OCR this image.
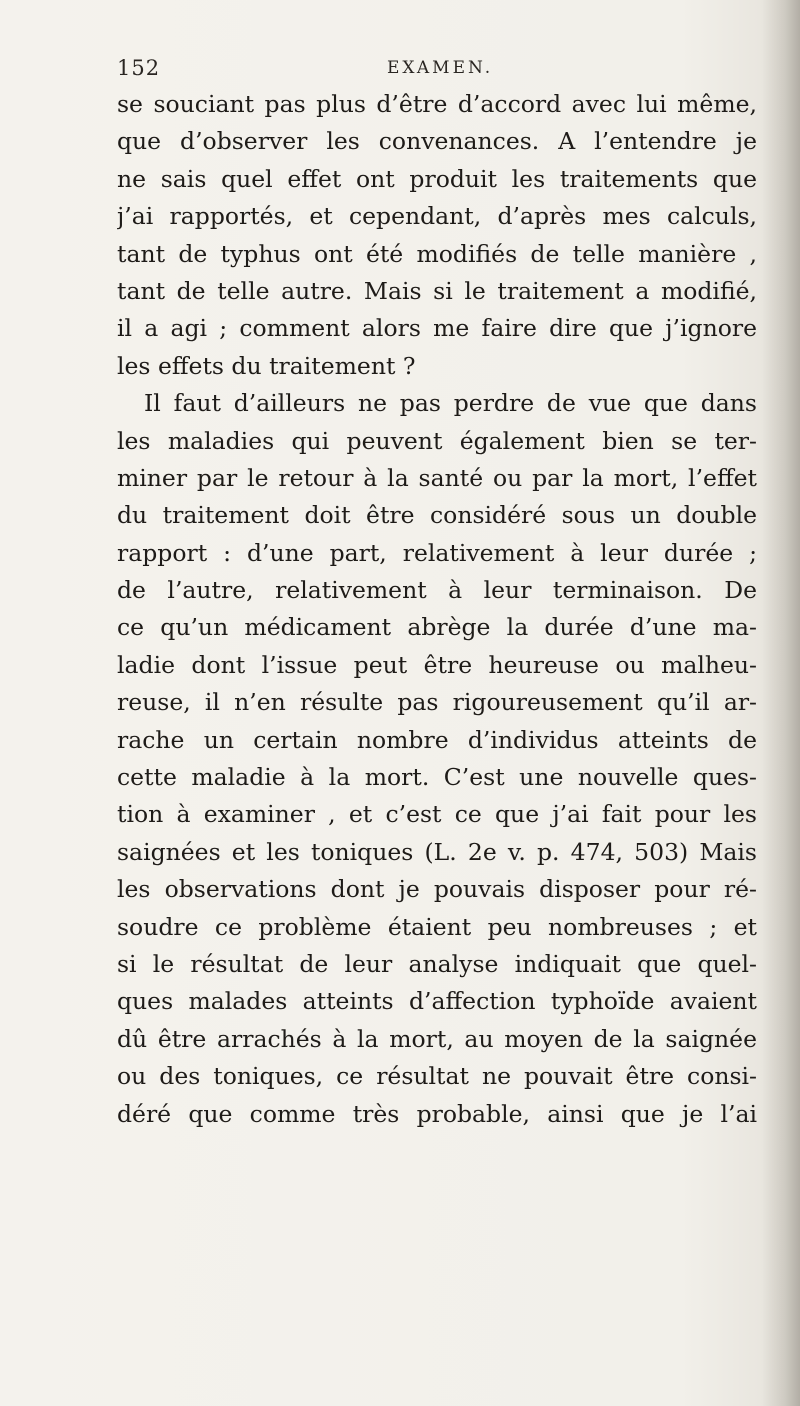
152	EXAMEN.
se souciant pas plus d’être d’accord avec lui même,
que d’observer les convenances. A l’entendre je
ne sais quel effet ont produit les traitements que
j’ai rapportés, et cependant, d’après mes calculs,
tant de typhus ont été modifiés de telle manière ,
tant de telle autre. Mais si le traitement a modifié,
il a agi ; comment alors me faire dire que j’ignore
les effets du traitement ?
Il faut d’ailleurs ne pas perdre de vue que dans
les maladies qui peuvent également bien se ter-
miner par le retour à la santé ou par la mort, l’effet
du traitement doit être considéré sous un double
rapport : d’une part, relativement à leur durée ;
de l’autre, relativement à leur terminaison. De
ce qu’un médicament abrège la durée d’une ma-
ladie dont l’issue peut être heureuse ou malheu-
reuse, il n’en résulte pas rigoureusement qu’il ar-
rache un certain nombre d’individus atteints de
cette maladie à la mort. C’est une nouvelle ques-
tion à examiner , et c’est ce que j’ai fait pour les
saignées et les toniques (L. 2e v. p. 474, 503) Mais
les observations dont je pouvais disposer pour ré-
soudre ce problème étaient peu nombreuses ; et
si le résultat de leur analyse indiquait que quel-
ques malades atteints d’affection typhoïde avaient
dû être arrachés à la mort, au moyen de la saignée
ou des toniques, ce résultat ne pouvait être consi-
déré que comme très probable, ainsi que je l’ai
